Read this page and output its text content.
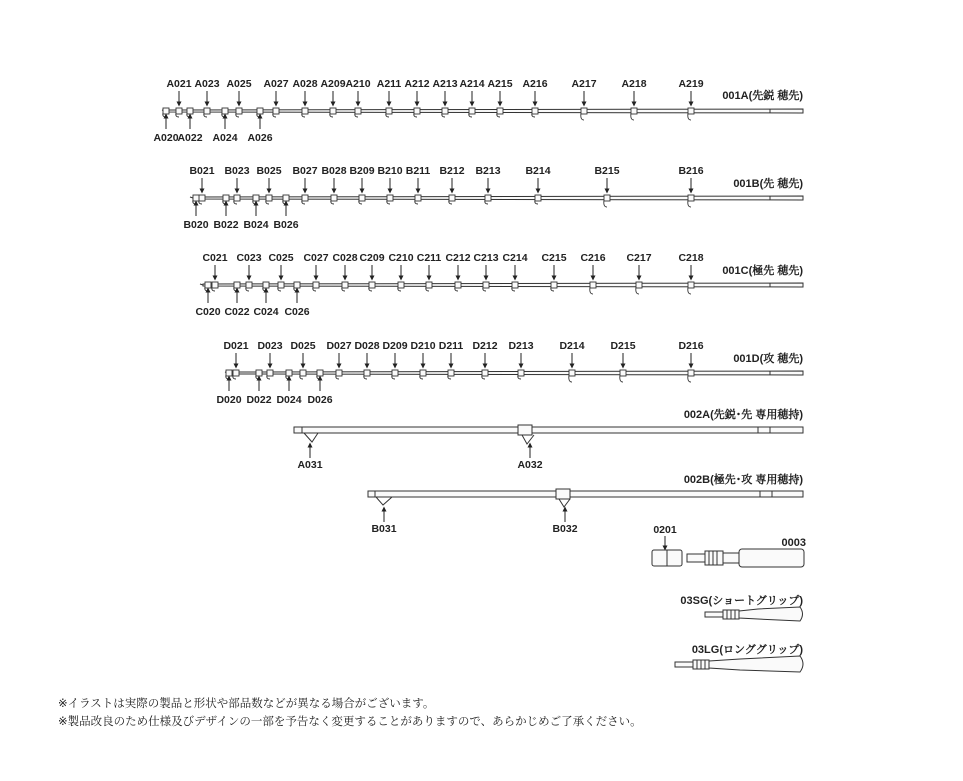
001A(先鋭 穂先)
001B(先 穂先)
001C(極先 穂先)
001D(攻 穂先)
002A(先鋭･先 専用穂持)
002B(極先･攻 専用穂持)
0003
03SG(ショートグリップ)
03LG(ロンググリップ)
0201
A021 A023 A025 A027 A028 A209 A210 A211 A212 A213 A214 A215 A216 A217 A218	A219
A020
A022 A024 A026
B021 B023 B025 B027 B028 B209 B210 B211 B212 B213 B214	B215	B216
B020 B022 B024 B026
C021 C023 C025 C027 C028 C209 C210 C211 C212 C213 C214 C215 C216 C217	C218
C020 C022 C024 C026
D021 D023 D025 D027 D028 D209 D210 D211 D212 D213 D214 D215	D216
D020 D022 D024 D026
A031	A032
B031	B032
※イラストは実際の製品と形状や部品数などが異なる場合がございます。
※製品改良のため仕様及びデザインの一部を予告なく変更することがありますので、あらかじめご了承ください。
